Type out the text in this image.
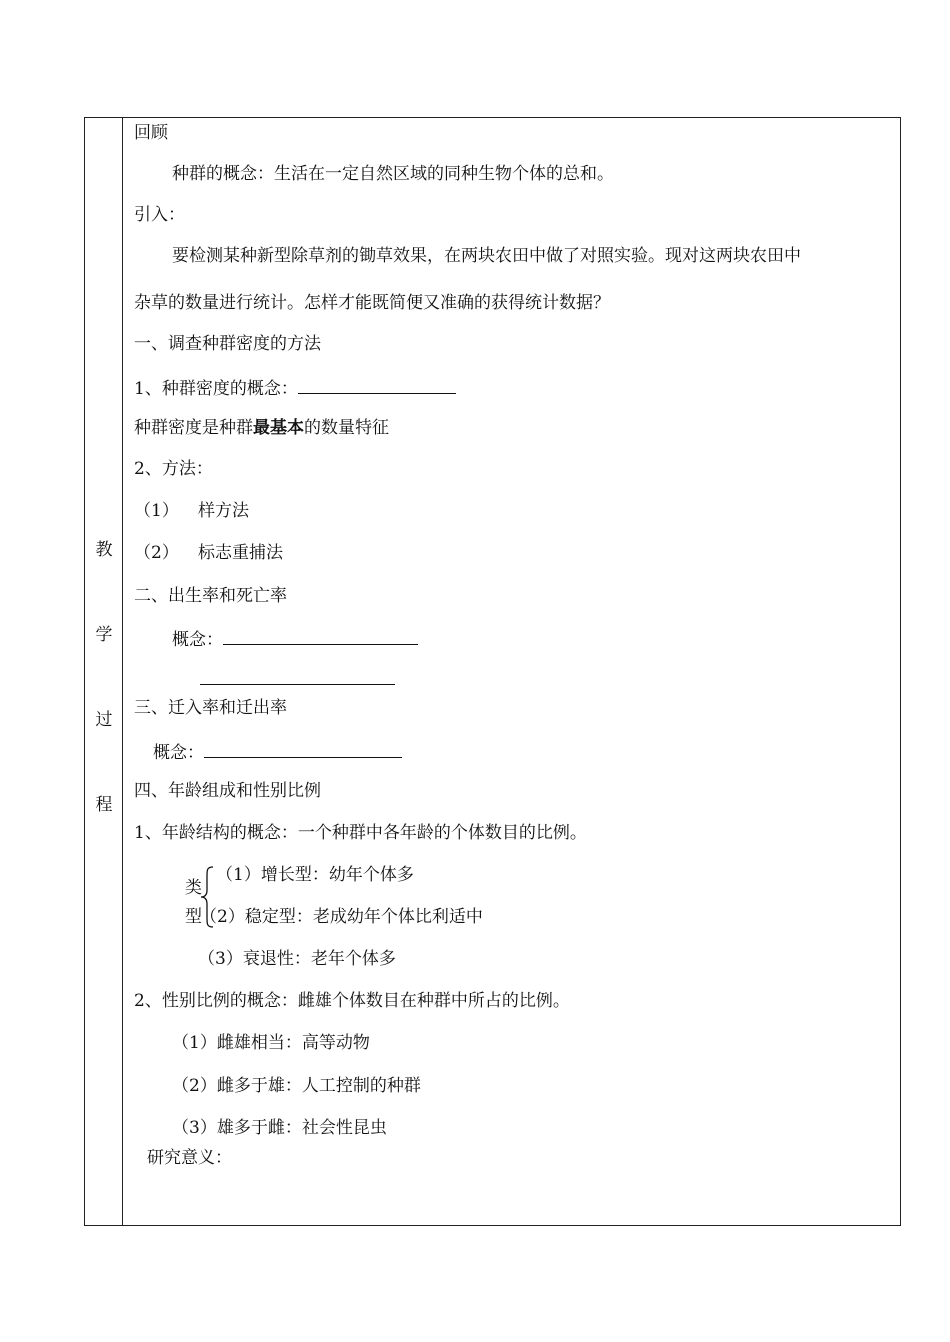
教
学
过
程
回顾
种群的概念：生活在一定自然区域的同种生物个体的总和。
引入：
要检测某种新型除草剂的锄草效果，在两块农田中做了对照实验。现对这两块农田中
杂草的数量进行统计。怎样才能既简便又准确的获得统计数据？
一、调查种群密度的方法
1、种群密度的概念：
种群密度是种群最基本的数量特征
2、方法：
（1） 样方法
（2） 标志重捕法
二、出生率和死亡率
概念：
三、迁入率和迁出率
概念：
四、年龄组成和性别比例
1、年龄结构的概念：一个种群中各年龄的个体数目的比例。
类
型
（1）增长型：幼年个体多
（2）稳定型：老成幼年个体比利适中
（3）衰退性：老年个体多
2、性别比例的概念：雌雄个体数目在种群中所占的比例。
（1）雌雄相当：高等动物
（2）雌多于雄：人工控制的种群
（3）雄多于雌：社会性昆虫
研究意义：
